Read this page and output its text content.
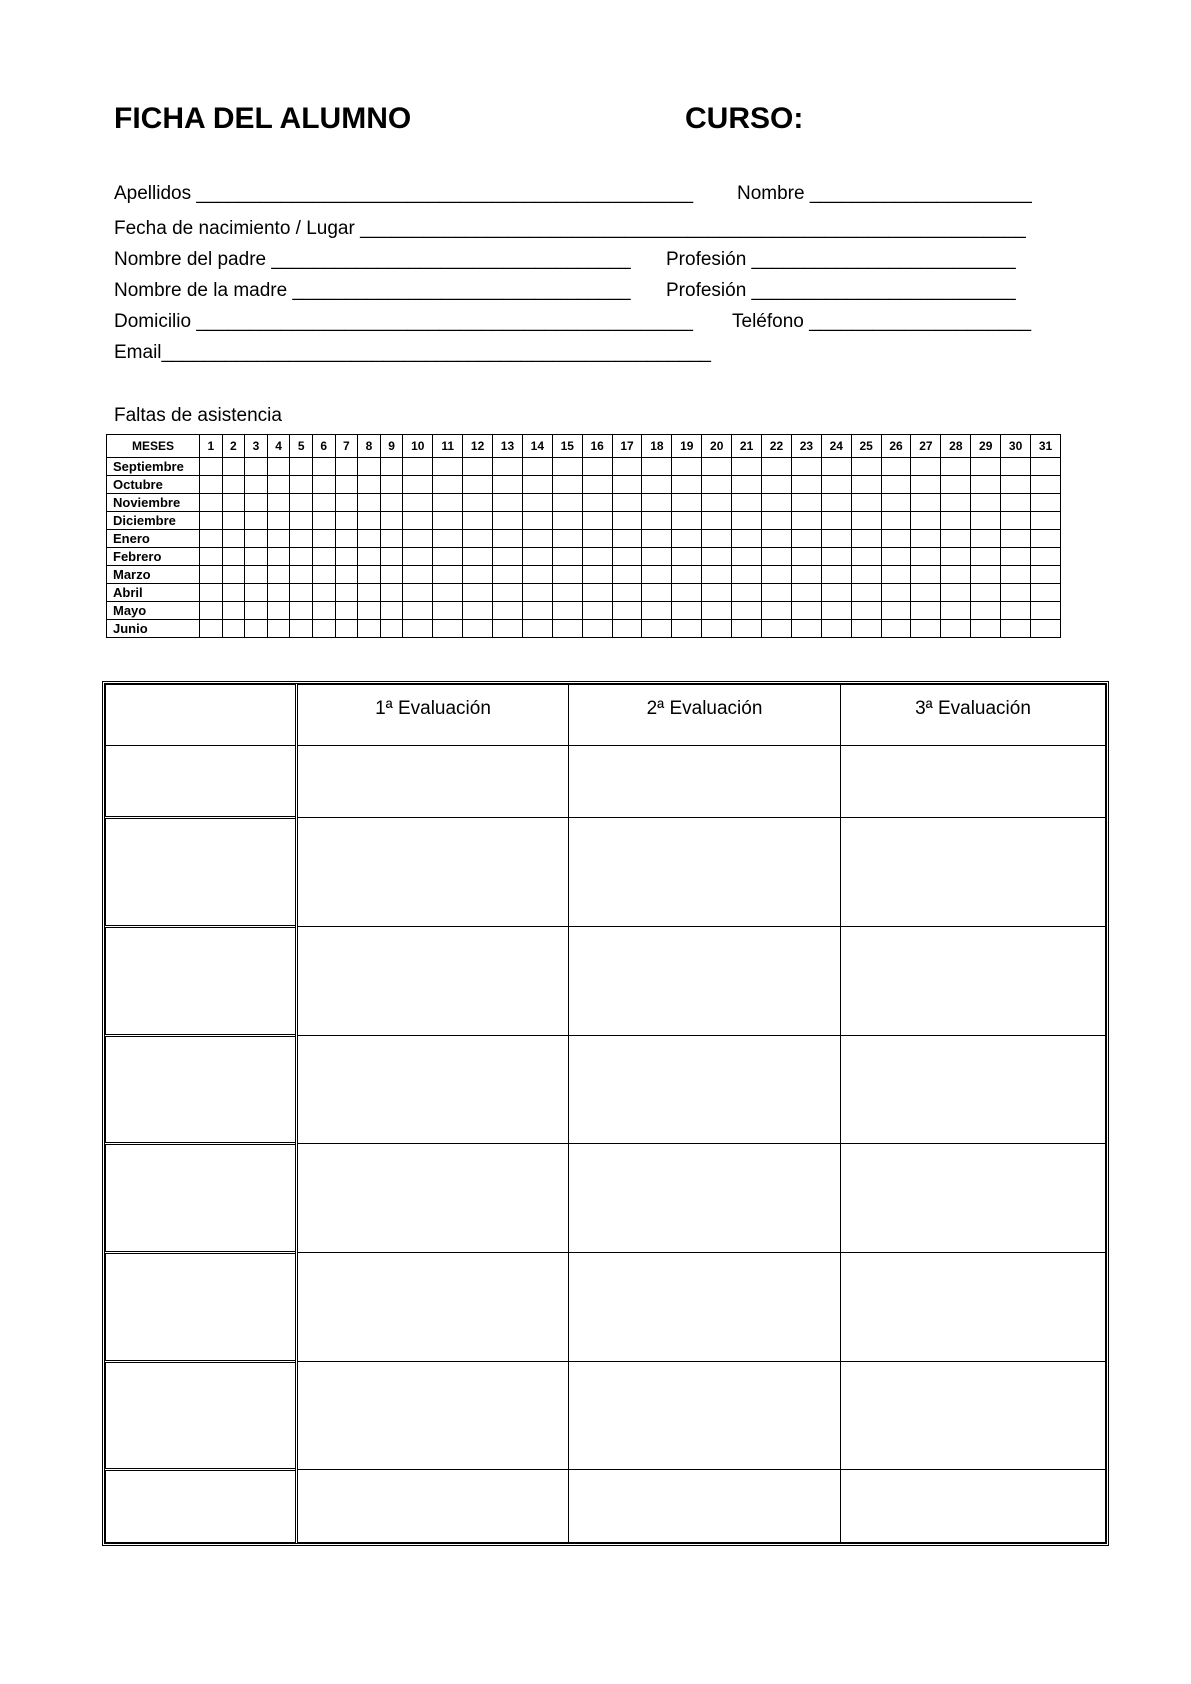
FICHA DEL ALUMNO	CURSO:
Apellidos _______________________________________________ Nombre _____________________
Fecha de nacimiento / Lugar _______________________________________________________________
Nombre del padre __________________________________ Profesión _________________________
Nombre de la madre ________________________________ Profesión _________________________
Domicilio _______________________________________________ Teléfono _____________________
Email____________________________________________________
Faltas de asistencia
MESES	1	2	3	4	5	6	7	8	9	10	11	12	13	14	15	16	17	18	19	20	21	22	23	24	25	26	27	28	29	30	31
Septiembre																															
Octubre																															
Noviembre																															
Diciembre																															
Enero																															
Febrero																															
Marzo																															
Abril																															
Mayo																															
Junio																															
	1ª Evaluación	2ª Evaluación	3ª Evaluación
